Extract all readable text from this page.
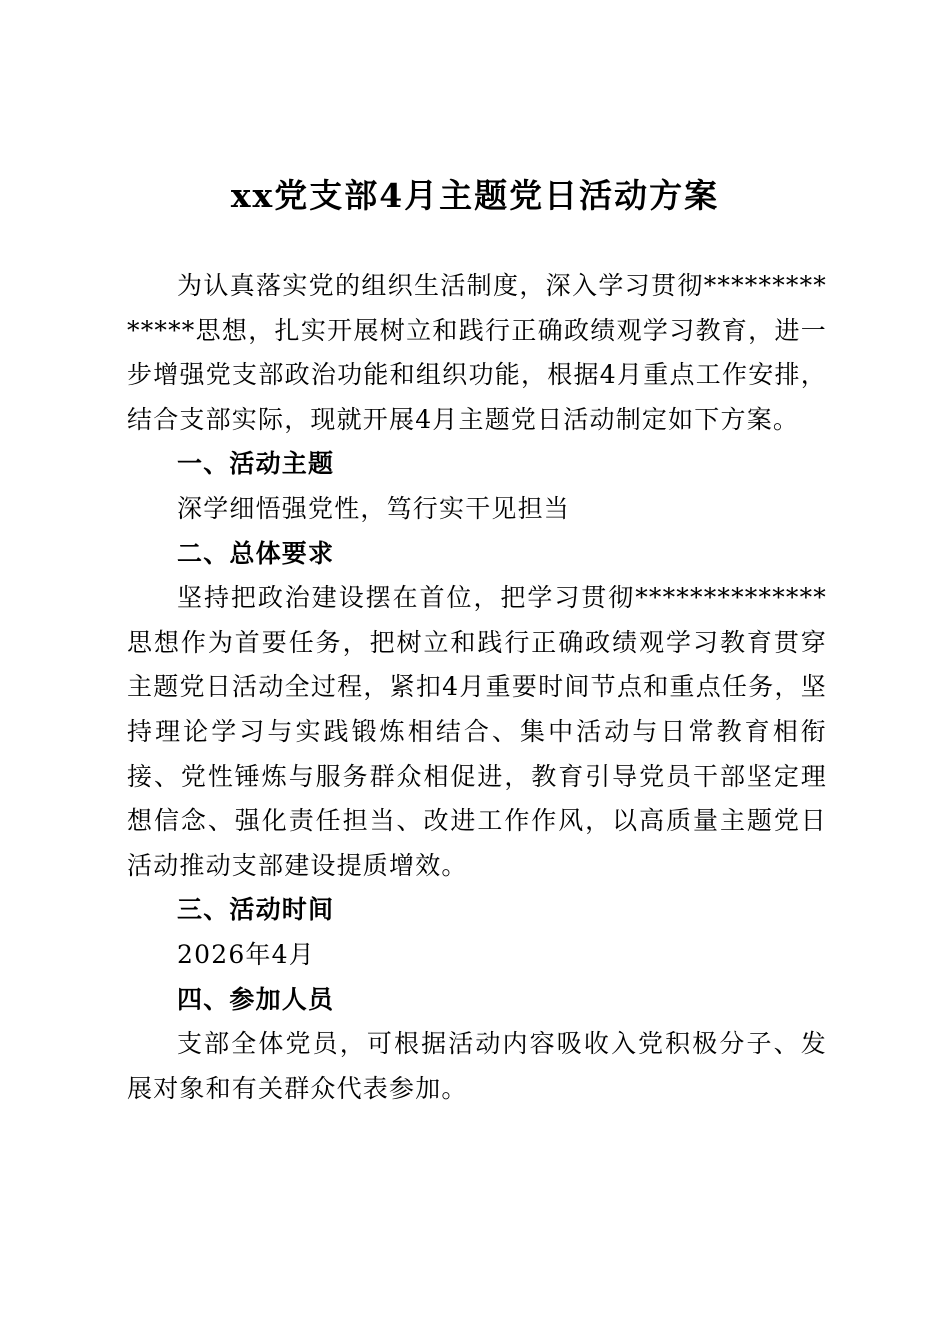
xx党支部4月主题党日活动方案

为认真落实党的组织生活制度，深入学习贯彻**************思想，扎实开展树立和践行正确政绩观学习教育，进一步增强党支部政治功能和组织功能，根据4月重点工作安排，结合支部实际，现就开展4月主题党日活动制定如下方案。

一、活动主题

深学细悟强党性，笃行实干见担当

二、总体要求

坚持把政治建设摆在首位，把学习贯彻**************思想作为首要任务，把树立和践行正确政绩观学习教育贯穿主题党日活动全过程，紧扣4月重要时间节点和重点任务，坚持理论学习与实践锻炼相结合、集中活动与日常教育相衔接、党性锤炼与服务群众相促进，教育引导党员干部坚定理想信念、强化责任担当、改进工作作风，以高质量主题党日活动推动支部建设提质增效。

三、活动时间

2026年4月

四、参加人员

支部全体党员，可根据活动内容吸收入党积极分子、发展对象和有关群众代表参加。
